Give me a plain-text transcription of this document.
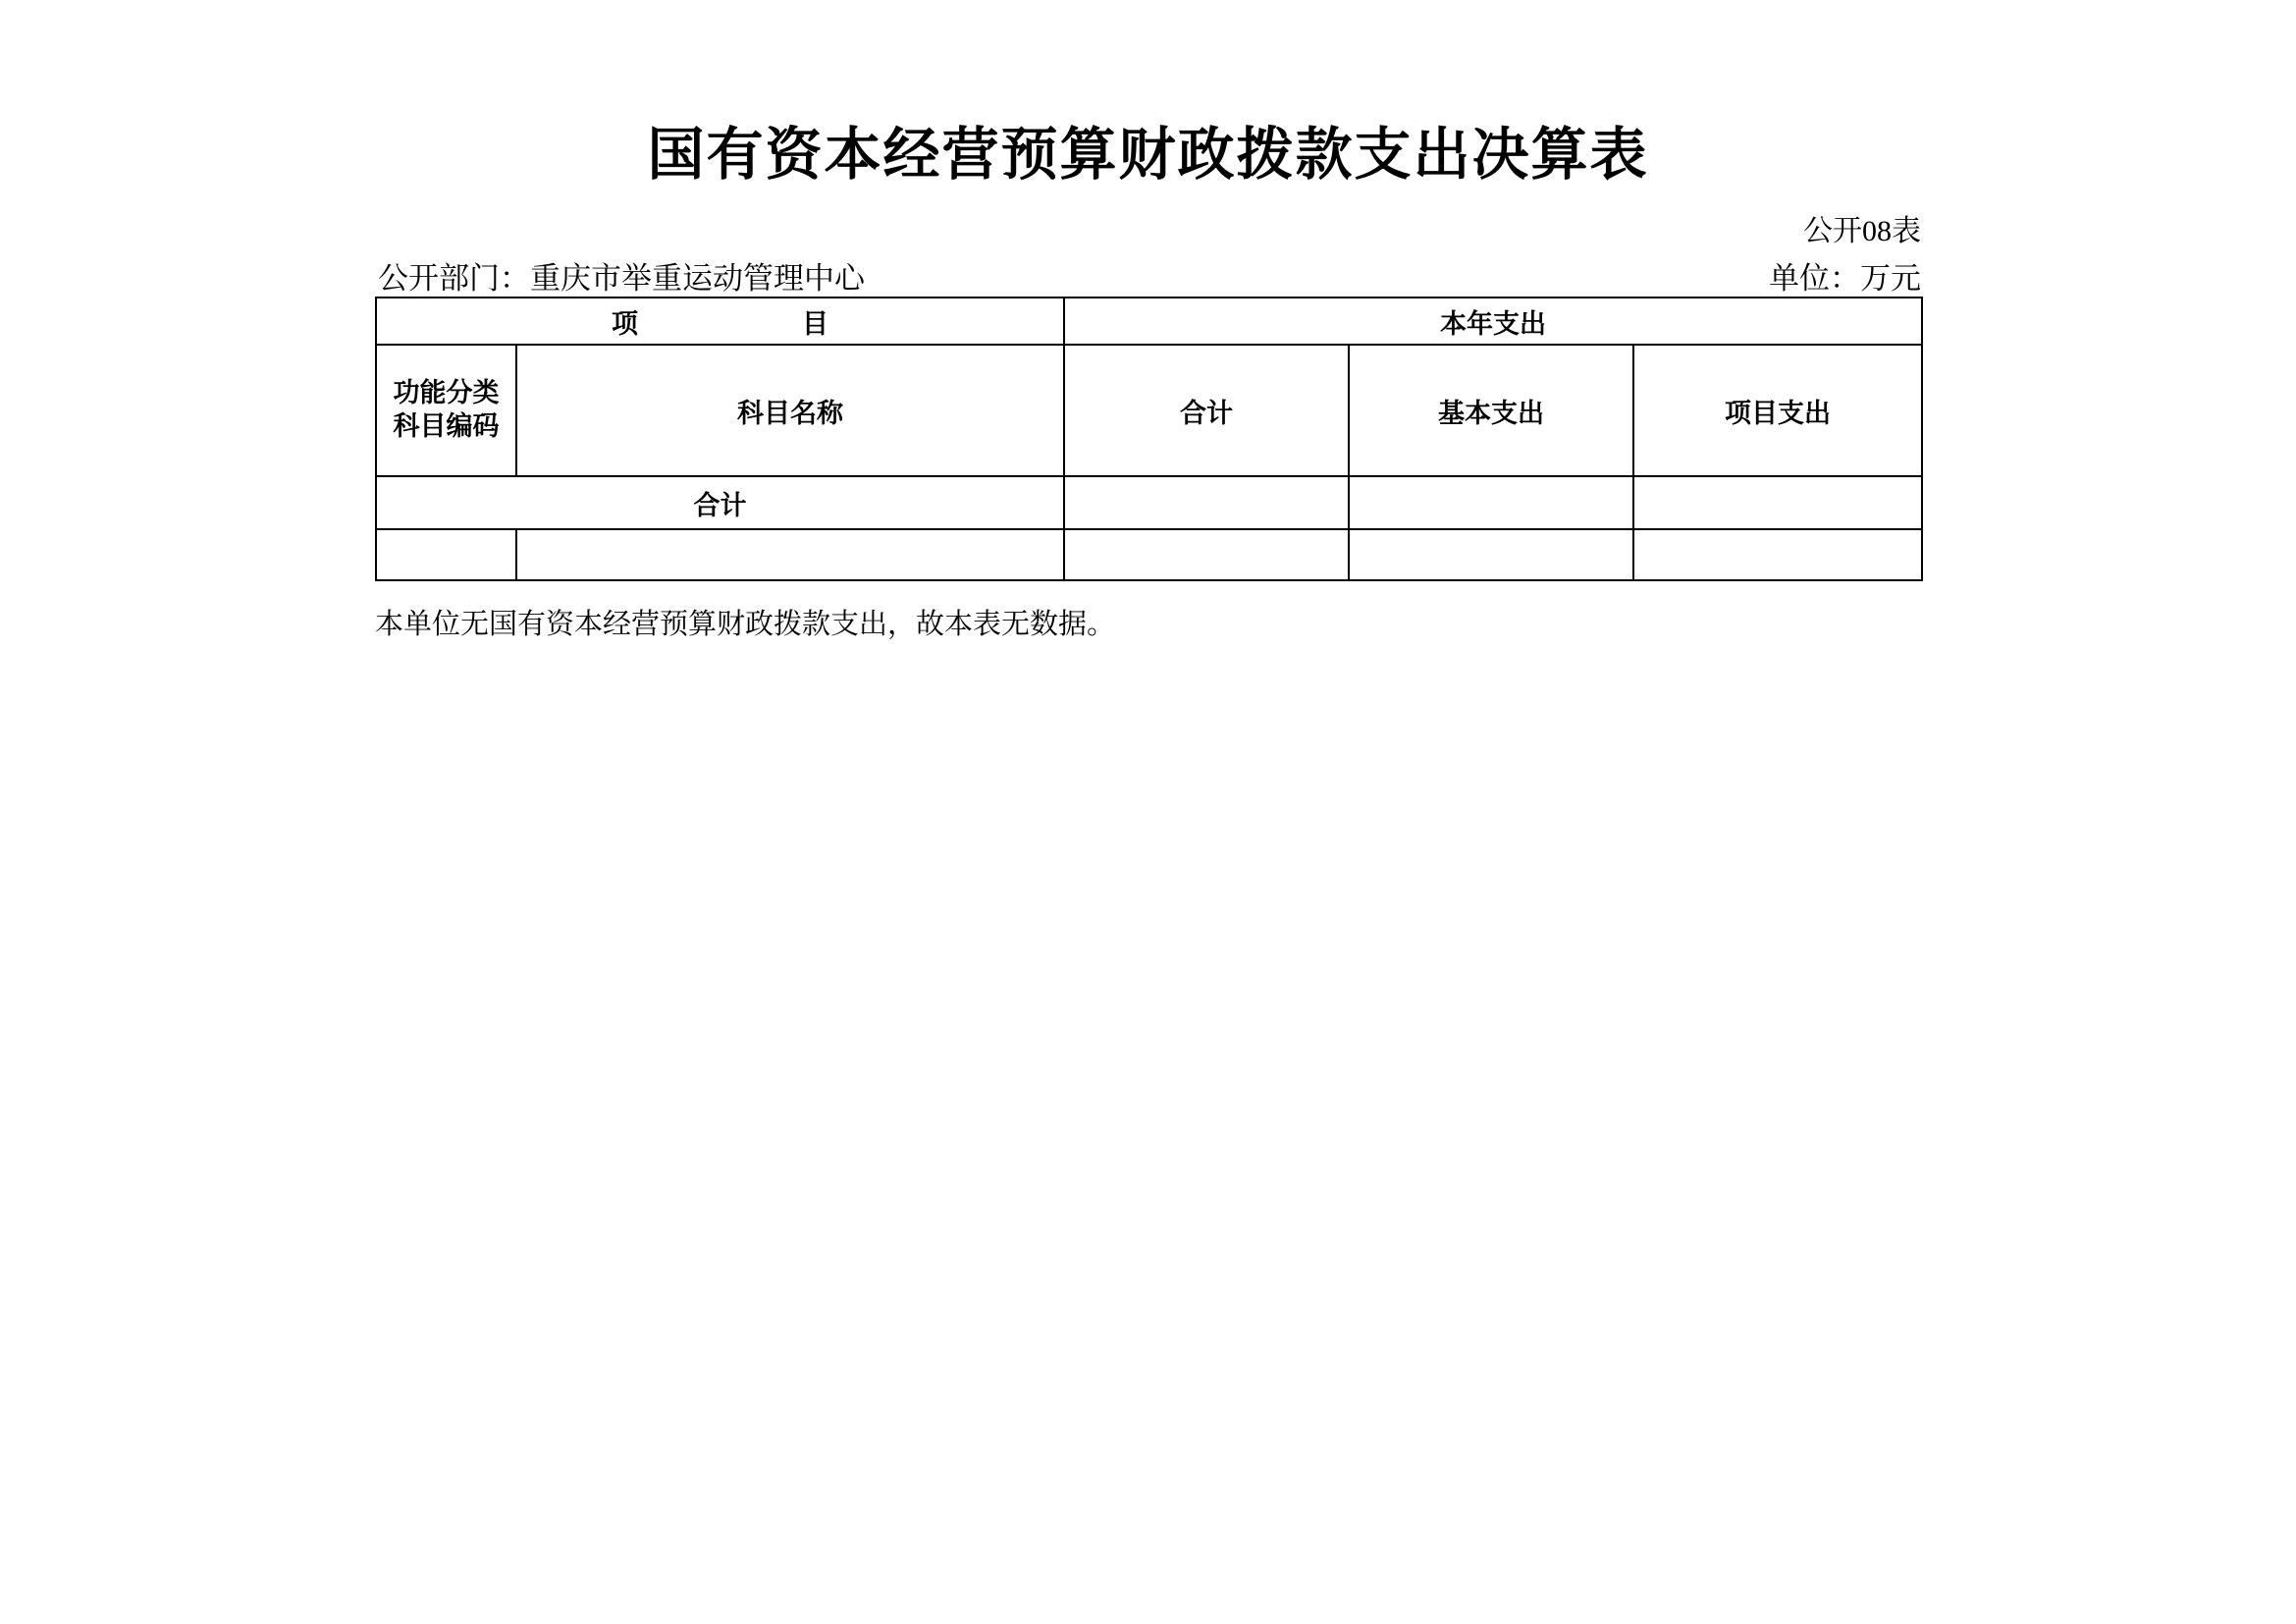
国有资本经营预算财政拨款支出决算表
公开08表
公开部门：重庆市举重运动管理中心	单位：万元
项　目		本年支出		

功能分类
科目编码	科目名称	合计	基本支出	项目支出
合计				

本单位无国有资本经营预算财政拨款支出，故本表无数据。
